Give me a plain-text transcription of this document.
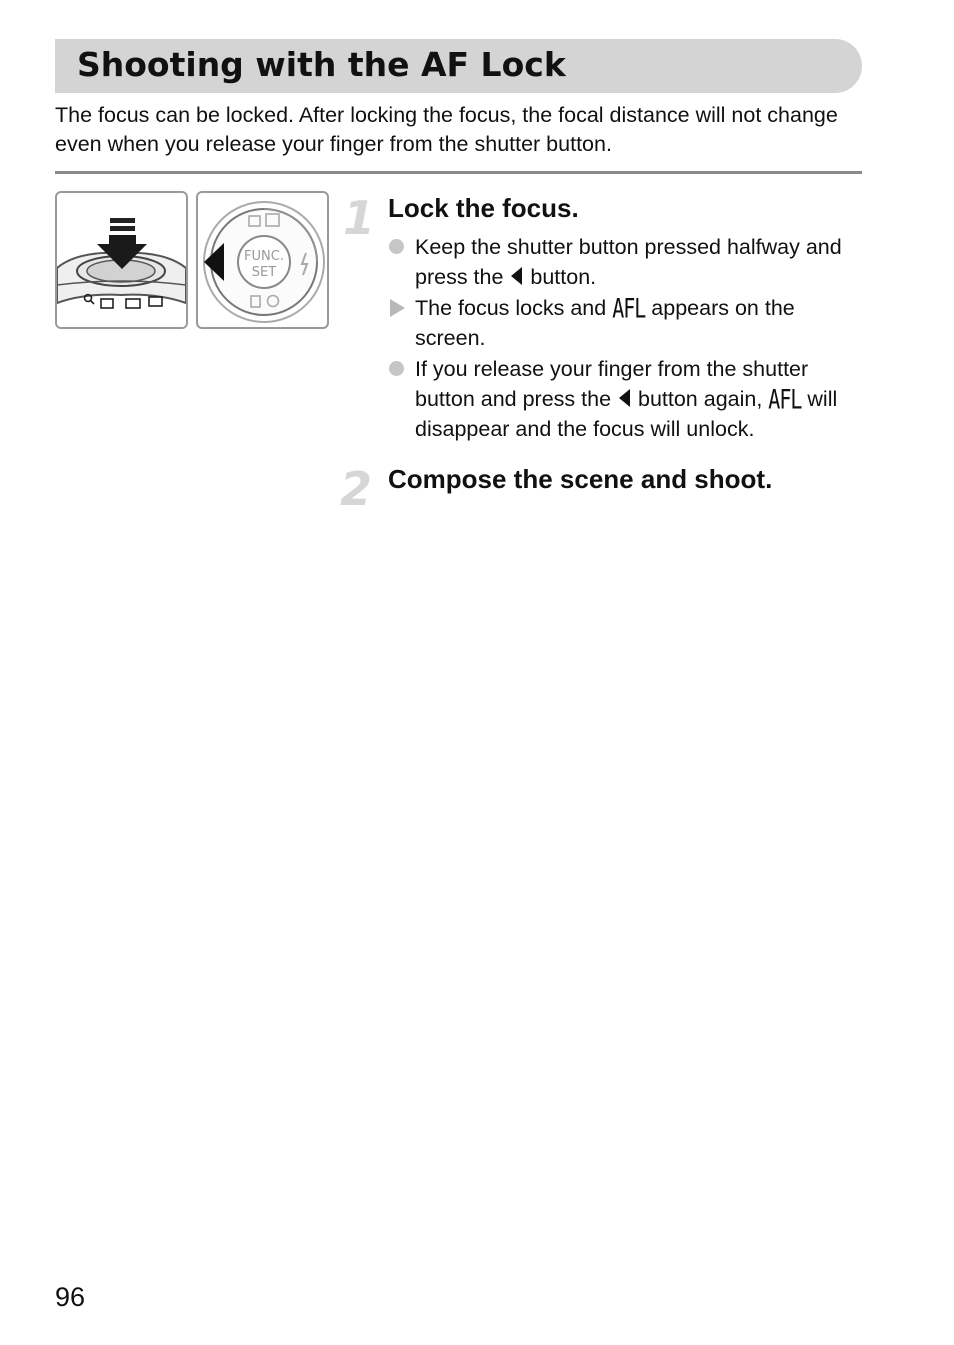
Shooting with the AF Lock

The focus can be locked. After locking the focus, the focal distance will not change even when you release your finger from the shutter button.

FUNC.
SET
1 Lock the focus.
Keep the shutter button pressed halfway and press the  button.
The focus locks and AFL appears on the screen.
If you release your finger from the shutter button and press the  button again, AFL will disappear and the focus will unlock.
2 Compose the scene and shoot.
96
